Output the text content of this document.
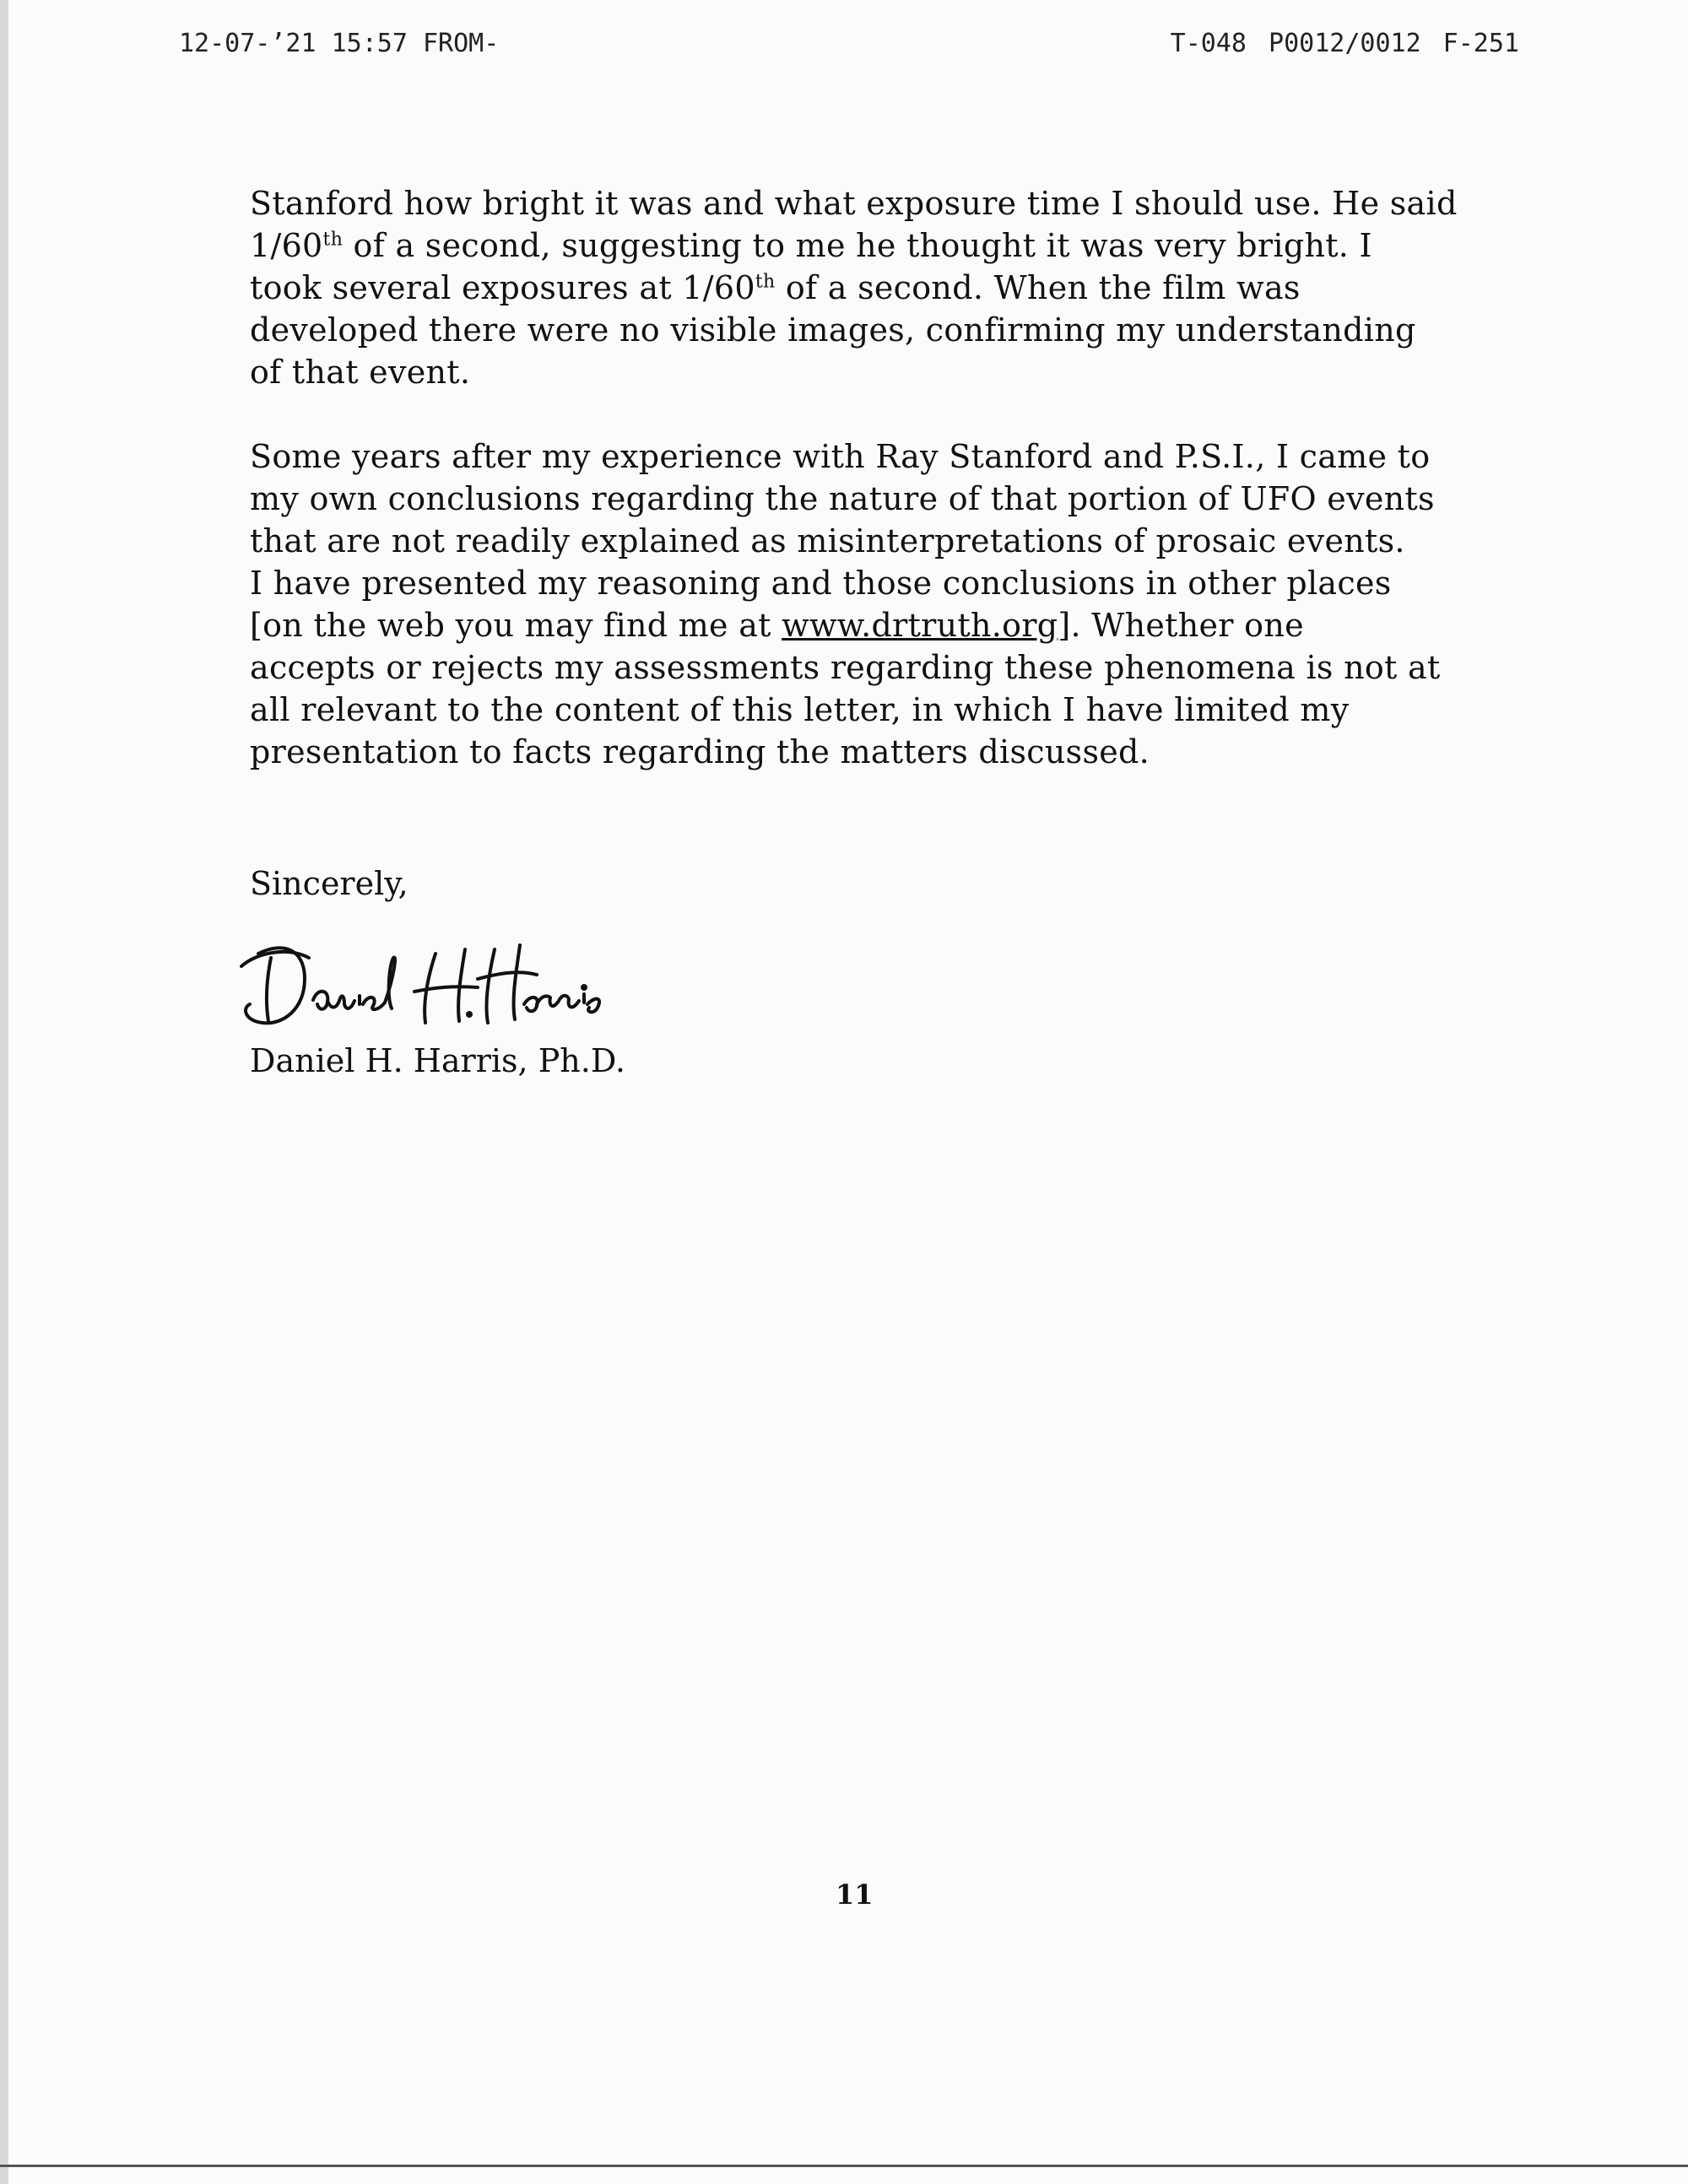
12-07-’21 15:57 FROM-	T-048 P0012/0012 F-251

Stanford how bright it was and what exposure time I should use. He said
1/60th of a second, suggesting to me he thought it was very bright. I
took several exposures at 1/60th of a second. When the film was
developed there were no visible images, confirming my understanding
of that event.

Some years after my experience with Ray Stanford and P.S.I., I came to
my own conclusions regarding the nature of that portion of UFO events
that are not readily explained as misinterpretations of prosaic events.
I have presented my reasoning and those conclusions in other places
[on the web you may find me at www.drtruth.org]. Whether one
accepts or rejects my assessments regarding these phenomena is not at
all relevant to the content of this letter, in which I have limited my
presentation to facts regarding the matters discussed.

Sincerely,
Daniel H. Harris, Ph.D.
11
